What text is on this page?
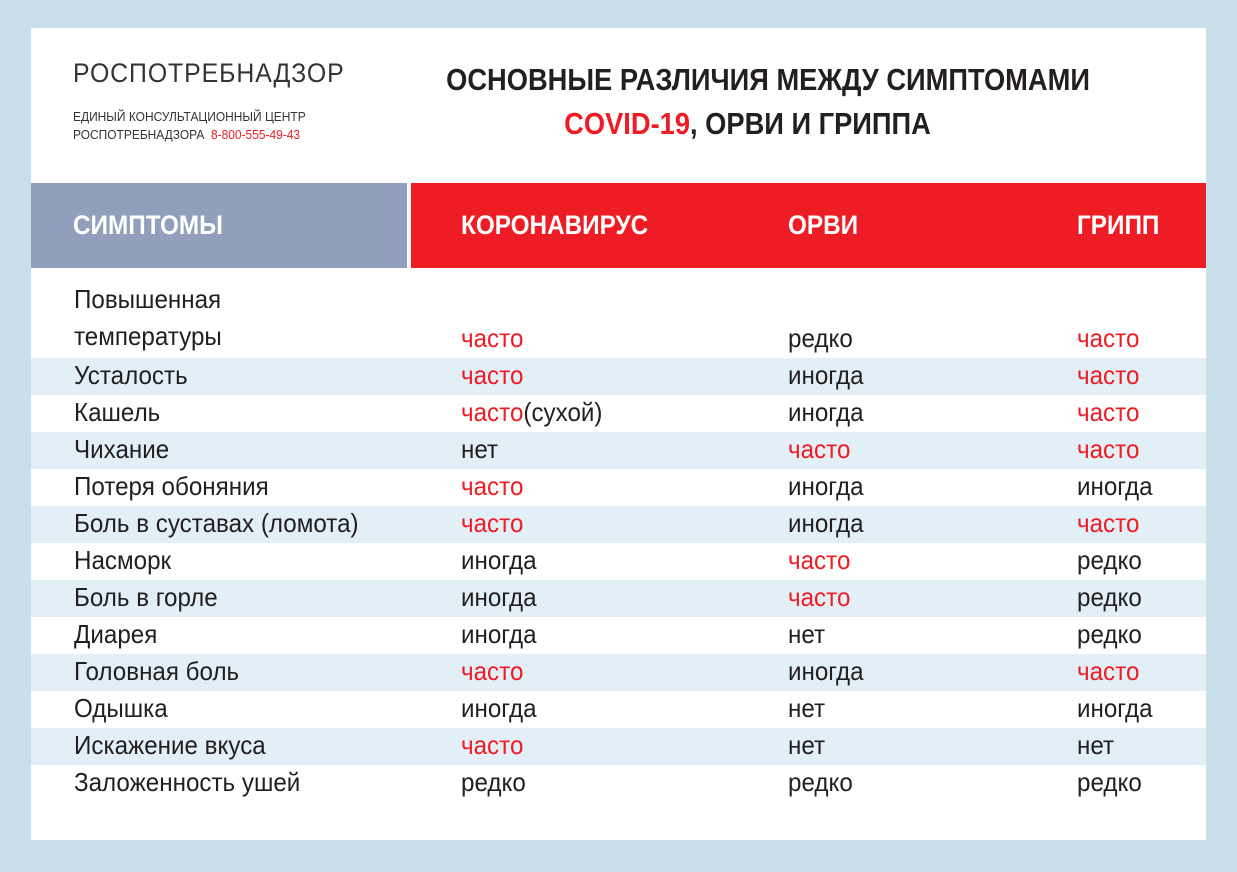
РОСПОТРЕБНАДЗОР
ЕДИНЫЙ КОНСУЛЬТАЦИОННЫЙ ЦЕНТР
РОСПОТРЕБНАДЗОРА 8-800-555-49-43
ОСНОВНЫЕ РАЗЛИЧИЯ МЕЖДУ СИМПТОМАМИ
COVID-19, ОРВИ И ГРИППА
СИМПТОМЫ	КОРОНАВИРУС	ОРВИ	ГРИПП
Повышенная температуры	часто	редко	часто
Усталость	часто	иногда	часто
Кашель	часто(сухой)	иногда	часто
Чихание	нет	часто	часто
Потеря обоняния	часто	иногда	иногда
Боль в суставах (ломота)	часто	иногда	часто
Насморк	иногда	часто	редко
Боль в горле	иногда	часто	редко
Диарея	иногда	нет	редко
Головная боль	часто	иногда	часто
Одышка	иногда	нет	иногда
Искажение вкуса	часто	нет	нет
Заложенность ушей	редко	редко	редко
